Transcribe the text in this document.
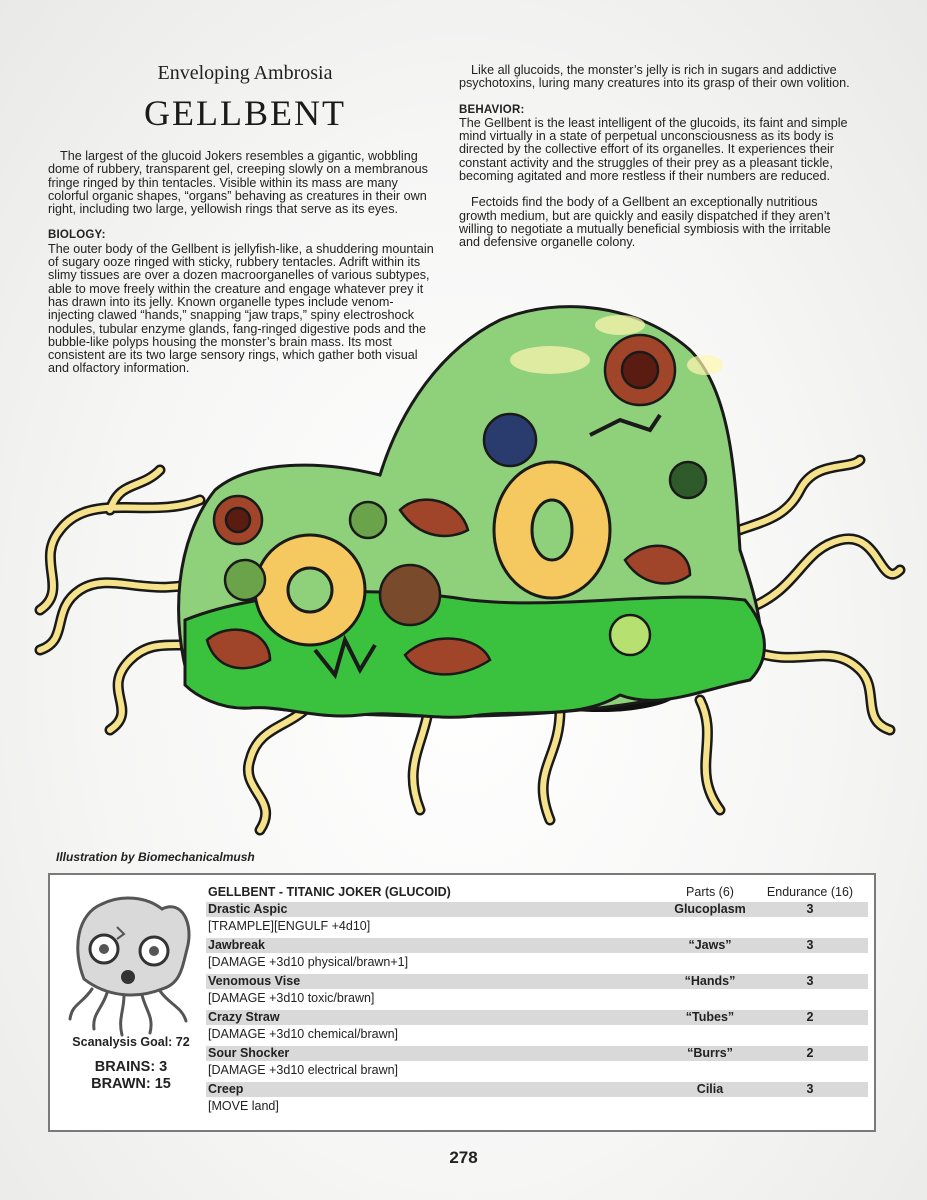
Enveloping Ambrosia
GELLBENT

The largest of the glucoid Jokers resembles a gigantic, wobbling dome of rubbery, transparent gel, creeping slowly on a membranous fringe ringed by thin tentacles. Visible within its mass are many colorful organic shapes, “organs” behaving as creatures in their own right, including two large, yellowish rings that serve as its eyes.

BIOLOGY:

The outer body of the Gellbent is jellyfish-like, a shuddering mountain of sugary ooze ringed with sticky, rubbery tentacles. Adrift within its slimy tissues are over a dozen macroorganelles of various subtypes, able to move freely within the creature and engage whatever prey it has drawn into its jelly. Known organelle types include venom-injecting clawed “hands,” snapping “jaw traps,” spiny electroshock nodules, tubular enzyme glands, fang-ringed digestive pods and the bubble-like polyps housing the monster’s brain mass. Its most consistent are its two large sensory rings, which gather both visual and olfactory information.

Like all glucoids, the monster’s jelly is rich in sugars and addictive psychotoxins, luring many creatures into its grasp of their own volition.

BEHAVIOR:

The Gellbent is the least intelligent of the glucoids, its faint and simple mind virtually in a state of perpetual unconsciousness as its body is directed by the collective effort of its organelles. It experiences their constant activity and the struggles of their prey as a pleasant tickle, becoming agitated and more restless if their numbers are reduced.

Fectoids find the body of a Gellbent an exceptionally nutritious growth medium, but are quickly and easily dispatched if they aren’t willing to negotiate a mutually beneficial symbiosis with the irritable and defensive organelle colony.

Illustration by Biomechanicalmush
Scanalysis Goal: 72
BRAINS: 3
BRAWN: 15
GELLBENT - TITANIC JOKER (GLUCOID)	Parts (6)	Endurance (16)
Drastic Aspic	Glucoplasm	3
[TRAMPLE][ENGULF +4d10]
Jawbreak	“Jaws”	3
[DAMAGE +3d10 physical/brawn+1]
Venomous Vise	“Hands”	3
[DAMAGE +3d10 toxic/brawn]
Crazy Straw	“Tubes”	2
[DAMAGE +3d10 chemical/brawn]
Sour Shocker	“Burrs”	2
[DAMAGE +3d10 electrical brawn]
Creep	Cilia	3
[MOVE land]
278
